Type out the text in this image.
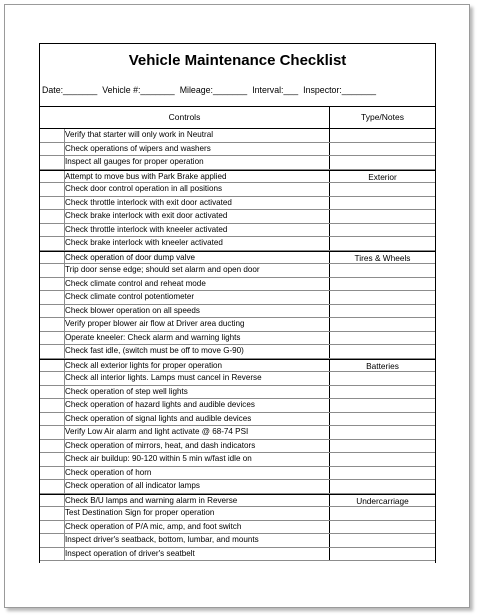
Vehicle Maintenance Checklist
Date:_______ Vehicle #:_______ Mileage:_______ Interval:___ Inspector:_______
Controls	Type/Notes
Verify that starter will only work in Neutral
Check operations of wipers and washers
Inspect all gauges for proper operation
Attempt to move bus with Park Brake applied	Exterior
Check door control operation in all positions
Check throttle interlock with exit door activated
Check brake interlock with exit door activated
Check throttle interlock with kneeler activated
Check brake interlock with kneeler activated
Check operation of door dump valve	Tires & Wheels
Trip door sense edge; should set alarm and open door
Check climate control and reheat mode
Check climate control potentiometer
Check blower operation on all speeds
Verify proper blower air flow at Driver area ducting
Operate kneeler: Check alarm and warning lights
Check fast idle, (switch must be off to move G-90)
Check all exterior lights for proper operation	Batteries
Check all interior lights. Lamps must cancel in Reverse
Check operation of step well lights
Check operation of hazard lights and audible devices
Check operation of signal lights and audible devices
Verify Low Air alarm and light activate @ 68-74 PSI
Check operation of mirrors, heat, and dash indicators
Check air buildup: 90-120 within 5 min w/fast idle on
Check operation of horn
Check operation of all indicator lamps
Check B/U lamps and warning alarm in Reverse	Undercarriage
Test Destination Sign for proper operation
Check operation of P/A mic, amp, and foot switch
Inspect driver's seatback, bottom, lumbar, and mounts
Inspect operation of driver's seatbelt
